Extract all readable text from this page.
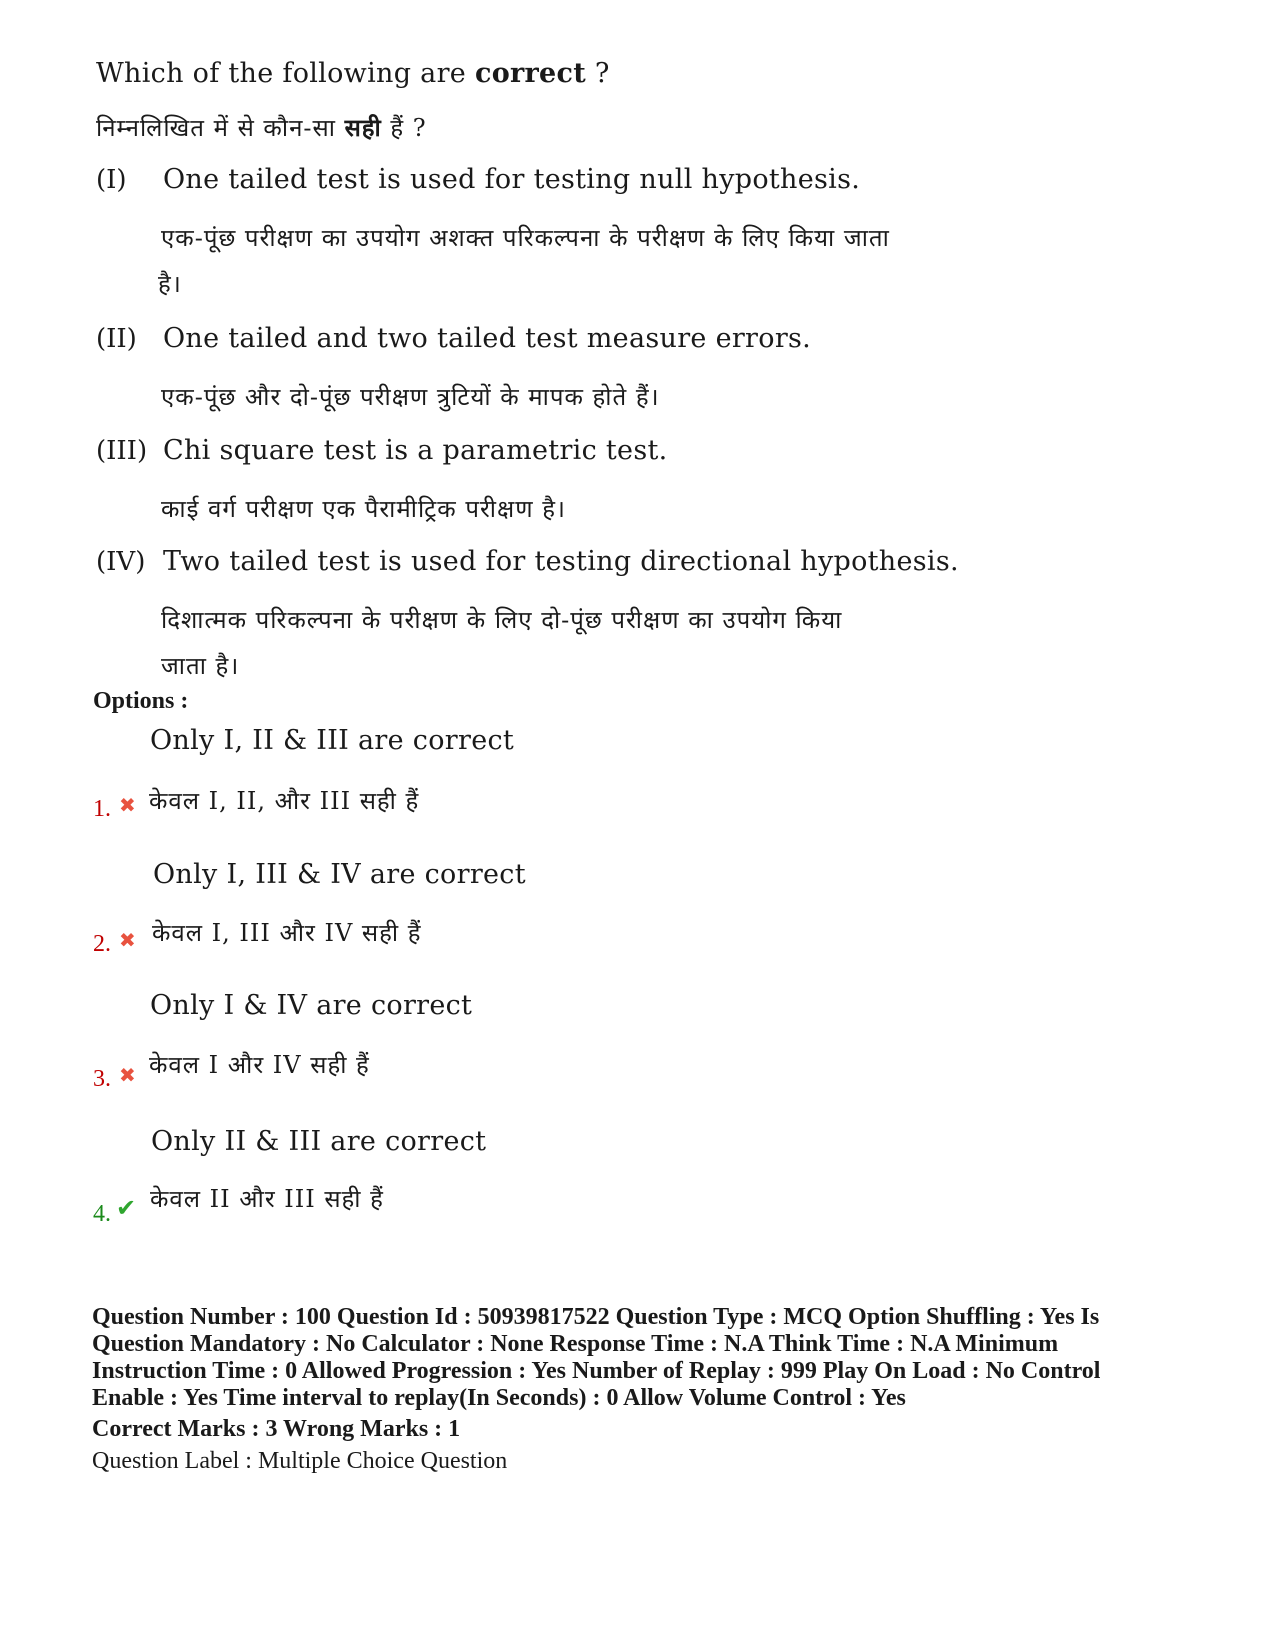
Which of the following are correct ?
निम्नलिखित में से कौन-सा सही हैं ?
(I) One tailed test is used for testing null hypothesis.
एक-पूंछ परीक्षण का उपयोग अशक्त परिकल्पना के परीक्षण के लिए किया जाता
है।
(II) One tailed and two tailed test measure errors.
एक-पूंछ और दो-पूंछ परीक्षण त्रुटियों के मापक होते हैं।
(III) Chi square test is a parametric test.
काई वर्ग परीक्षण एक पैरामीट्रिक परीक्षण है।
(IV) Two tailed test is used for testing directional hypothesis.
दिशात्मक परिकल्पना के परीक्षण के लिए दो-पूंछ परीक्षण का उपयोग किया
जाता है।
Options :
Only I, II & III are correct
1. ✖ केवल I, II, और III सही हैं
Only I, III & IV are correct
2. ✖ केवल I, III और IV सही हैं
Only I & IV are correct
3. ✖ केवल I और IV सही हैं
Only II & III are correct
4. ✔ केवल II और III सही हैं
Question Number : 100 Question Id : 50939817522 Question Type : MCQ Option Shuffling : Yes Is
Question Mandatory : No Calculator : None Response Time : N.A Think Time : N.A Minimum
Instruction Time : 0 Allowed Progression : Yes Number of Replay : 999 Play On Load : No Control
Enable : Yes Time interval to replay(In Seconds) : 0 Allow Volume Control : Yes
Correct Marks : 3 Wrong Marks : 1
Question Label : Multiple Choice Question
